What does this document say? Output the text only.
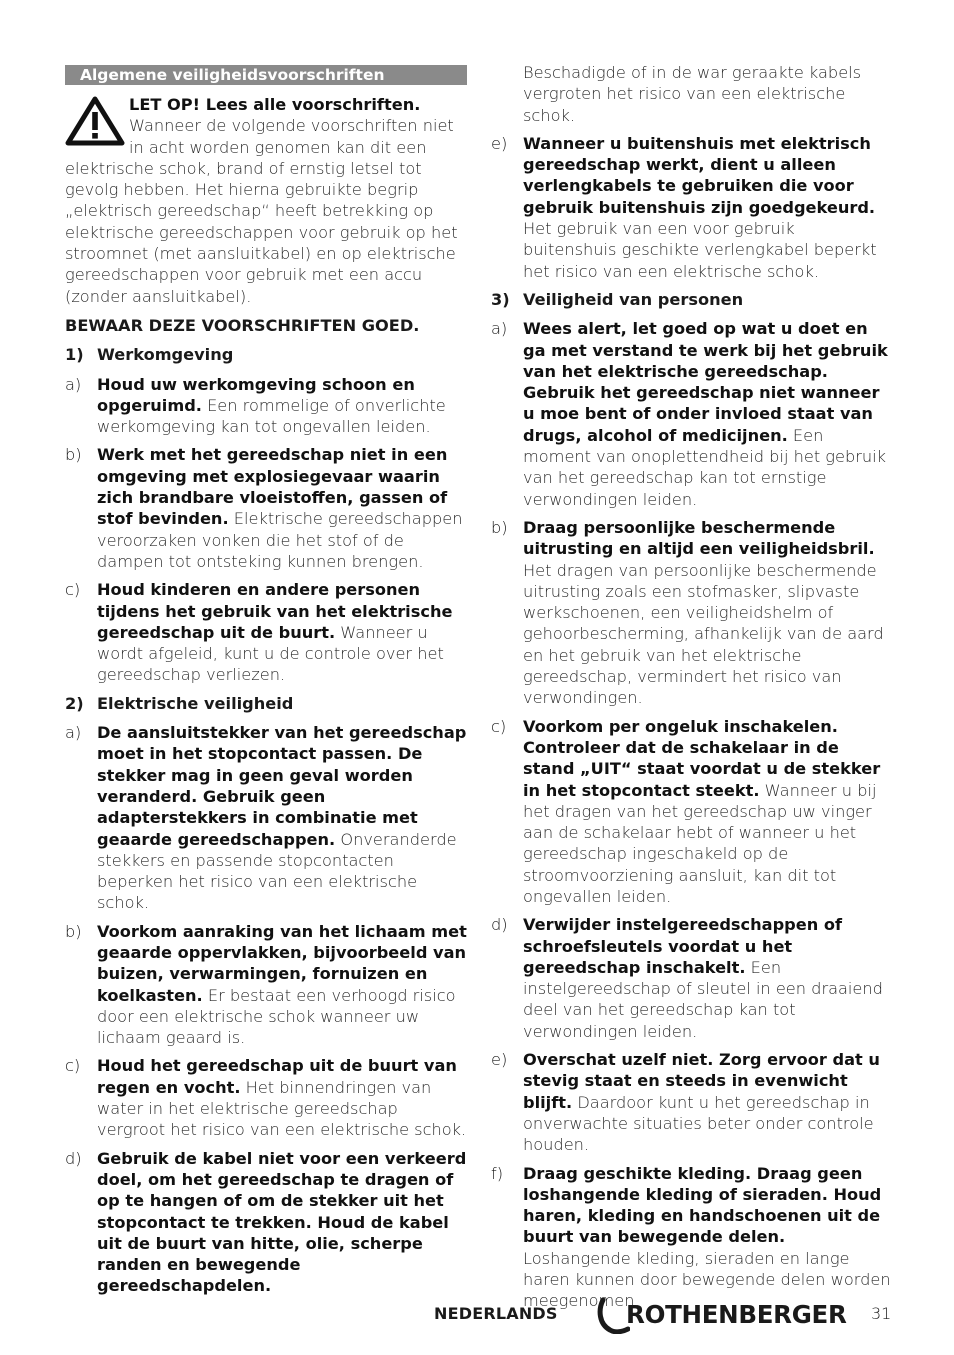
Algemene veiligheidsvoorschriften
LET OP! Lees alle voorschriften. Wanneer de volgende voorschriften niet in acht worden genomen kan dit een elektrische schok, brand of ernstig letsel tot gevolg hebben. Het hierna gebruikte begrip „elektrisch gereedschap“ heeft betrekking op elektrische gereedschappen voor gebruik op het stroomnet (met aansluitkabel) en op elektrische gereedschappen voor gebruik met een accu (zonder aansluitkabel).
BEWAAR DEZE VOORSCHRIFTEN GOED.
1) Werkomgeving
a) Houd uw werkomgeving schoon en opgeruimd. Een rommelige of onverlichte werkomgeving kan tot ongevallen leiden.
b) Werk met het gereedschap niet in een omgeving met explosiegevaar waarin zich brandbare vloeistoffen, gassen of stof bevinden. Elektrische gereedschappen veroorzaken vonken die het stof of de dampen tot ontsteking kunnen brengen.
c)	Houd kinderen en andere personen tijdens het gebruik van het elektrische gereedschap uit de buurt. Wanneer u wordt afgeleid, kunt u de controle over het gereedschap verliezen.
2) Elektrische veiligheid
a) De aansluitstekker van het gereedschap moet in het stopcontact passen. De stekker mag in geen geval worden veranderd. Gebruik geen adapterstekkers in combinatie met geaarde gereedschappen. Onveranderde stekkers en passende stopcontacten beperken het risico van een elektrische schok.
b) Voorkom aanraking van het lichaam met geaarde oppervlakken, bijvoorbeeld van buizen, verwarmingen, fornuizen en koelkasten. Er bestaat een verhoogd risico door een elektrische schok wanneer uw lichaam geaard is.
c)	Houd het gereedschap uit de buurt van regen en vocht. Het binnendringen van water in het elektrische gereedschap vergroot het risico van een elektrische schok.
d) Gebruik de kabel niet voor een verkeerd doel, om het gereedschap te dragen of op te hangen of om de stekker uit het stopcontact te trekken. Houd de kabel uit de buurt van hitte, olie, scherpe randen en bewegende gereedschapdelen.
Beschadigde of in de war geraakte kabels vergroten het risico van een elektrische schok.
e) Wanneer u buitenshuis met elektrisch gereedschap werkt, dient u alleen verlengkabels te gebruiken die voor gebruik buitenshuis zijn goedgekeurd. Het gebruik van een voor gebruik buitenshuis geschikte verlengkabel beperkt het risico van een elektrische schok.
3) Veiligheid van personen
a) Wees alert, let goed op wat u doet en ga met verstand te werk bij het gebruik van het elektrische gereedschap. Gebruik het gereedschap niet wanneer u moe bent of onder invloed staat van drugs, alcohol of medicijnen. Een moment van onoplettendheid bij het gebruik van het gereedschap kan tot ernstige verwondingen leiden.
b) Draag persoonlijke beschermende uitrusting en altijd een veiligheidsbril. Het dragen van persoonlijke beschermende uitrusting zoals een stofmasker, slipvaste werkschoenen, een veiligheidshelm of gehoorbescherming, afhankelijk van de aard en het gebruik van het elektrische gereedschap, vermindert het risico van verwondingen.
c)	Voorkom per ongeluk inschakelen. Controleer dat de schakelaar in de stand „UIT“ staat voordat u de stekker in het stopcontact steekt. Wanneer u bij het dragen van het gereedschap uw vinger aan de schakelaar hebt of wanneer u het gereedschap ingeschakeld op de stroomvoorziening aansluit, kan dit tot ongevallen leiden.
d) Verwijder instelgereedschappen of schroefsleutels voordat u het gereedschap inschakelt. Een instelgereedschap of sleutel in een draaiend deel van het gereedschap kan tot verwondingen leiden.
e) Overschat uzelf niet. Zorg ervoor dat u stevig staat en steeds in evenwicht blijft. Daardoor kunt u het gereedschap in onverwachte situaties beter onder controle houden.
f)	Draag geschikte kleding. Draag geen loshangende kleding of sieraden. Houd haren, kleding en handschoenen uit de buurt van bewegende delen. Loshangende kleding, sieraden en lange haren kunnen door bewegende delen worden meegenomen.
NEDERLANDS	ROTHENBERGER 31
